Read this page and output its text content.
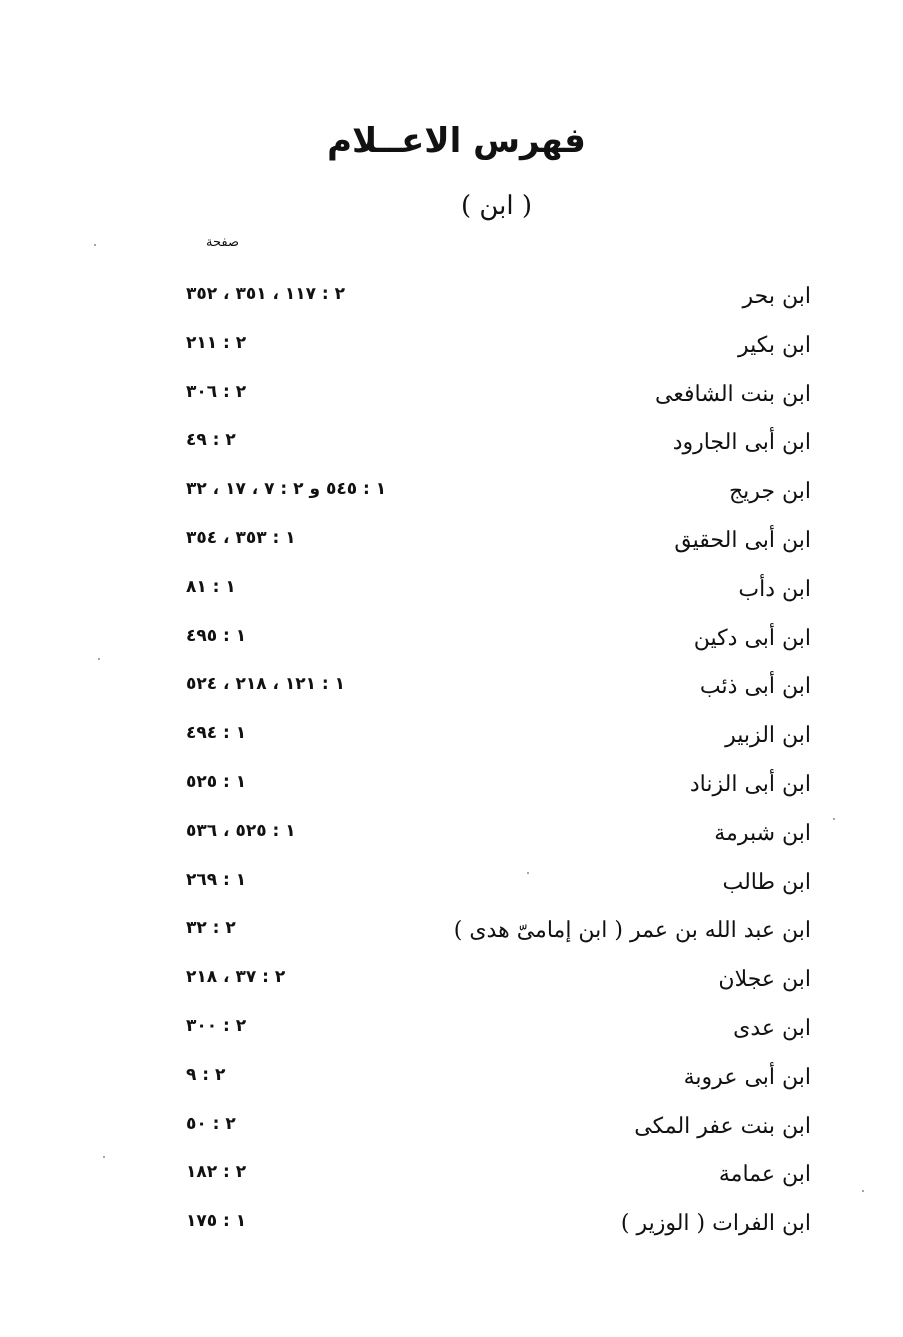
فهرس الاعــلام
( ابن )
صفحة
ابن بحر
٢ : ١١٧ ، ٣٥١ ، ٣٥٢
ابن بكير
٢ : ٢١١
ابن بنت الشافعى
٢ : ٣٠٦
ابن أبى الجارود
٢ : ٤٩
ابن جريج
١ : ٥٤٥ و ٢ : ٧ ، ١٧ ، ٣٢
ابن أبى الحقيق
١ : ٣٥٣ ، ٣٥٤
ابن دأب
١ : ٨١
ابن أبى دكين
١ : ٤٩٥
ابن أبى ذئب
١ : ١٢١ ، ٢١٨ ، ٥٢٤
ابن الزبير
١ : ٤٩٤
ابن أبى الزناد
١ : ٥٢٥
ابن شبرمة
١ : ٥٢٥ ، ٥٣٦
ابن طالب
١ : ٢٦٩
ابن عبد الله بن عمر ( ابن إمامىّ هدى )
٢ : ٣٢
ابن عجلان
٢ : ٣٧ ، ٢١٨
ابن عدى
٢ : ٣٠٠
ابن أبى عروبة
٢ : ٩
ابن بنت عفر المكى
٢ : ٥٠
ابن عمامة
٢ : ١٨٢
ابن الفرات ( الوزير )
١ : ١٧٥
